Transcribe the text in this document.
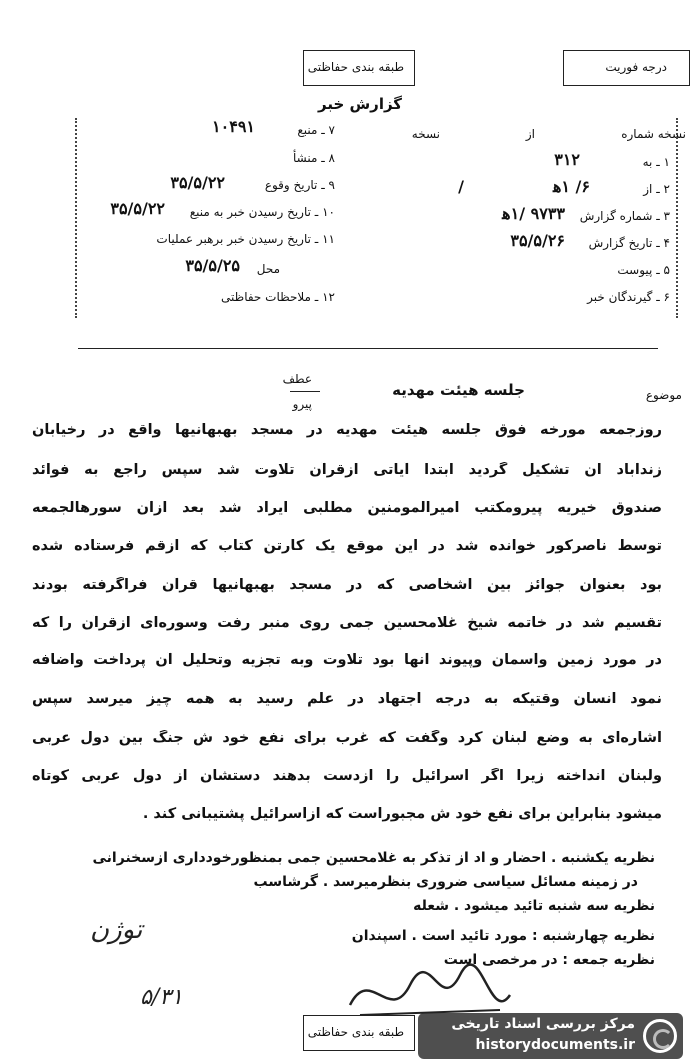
درجه فوریت
طبقه بندی حفاظتی
گزارش خبر
نسخه شماره
از
نسخه
۱ ـ به
۳۱۲
۲ ـ از
۶/ ۱ه‍
/
۳ ـ شماره گزارش
۹۷۳۳ /۱ه‍
۴ ـ تاریخ گزارش
۳۵/۵/۲۶
۵ ـ پیوست
۶ ـ گیرندگان خبر
۷ ـ منبع
۱۰۴۹۱
۸ ـ منشأ
۹ ـ تاریخ وقوع
۳۵/۵/۲۲
۱۰ ـ تاریخ رسیدن خبر به منبع
۳۵/۵/۲۲
۱۱ ـ تاریخ رسیدن خبر برهبر عملیات
محل
۳۵/۵/۲۵
۱۲ ـ ملاحظات حفاظتی
موضوع
جلسه هیئت مهدیه
عطف
پیرو
روزجمعه مورخه فوق جلسه هیئت مهدیه در مسجد بهبهانیها واقع در رخیابان
زندآباد ان تشکیل گردید ابتدا آیاتی ازقرآن تلاوت شد سپس راجع به فوائد
صندوق خیریه پیرومکتب امیرالمومنین مطلبی ایراد شد بعد ازآن سورهالجمعه
توسط ناصرکور خوانده شد در این موقع یک کارتن کتاب که ازقم فرستاده شده
بود بعنوان جوائز بین اشخاصی که در مسجد بهبهانیها قرآن فراگرفته بودند
تقسیم شد در خاتمه شیخ غلامحسین جمی روی منبر رفت وسوره‌ای ازقرآن را که
در مورد زمین وآسمان وپیوند آنها بود تلاوت وبه تجزیه وتحلیل آن پرداخت واضافه
نمود انسان وقتیکه به درجه اجتهاد در علم رسید به همه چیز میرسد سپس
اشاره‌ای به وضع لبنان کرد وگفت که غرب برای نفع خود ش جنگ بین دول عربی
ولبنان انداخته زیرا اگر اسرائیل را ازدست بدهند دستشان از دول عربی کوتاه
میشود بنابراین برای نفع خود ش مجبوراست که ازاسرائیل پشتیبانی کند .
نظریه یکشنبه . احضار و اد از تذکر به غلامحسین جمی بمنظورخودداری ازسخنرانی
در زمینه مسائل سیاسی ضروری بنظرمیرسد . گرشاسب
نظریه سه شنبه تائید میشود . شعله
نظریه چهارشنبه : مورد تائید است . اسپندان
نظریه جمعه : در مرخصی است
تو‌ژن
۵/۳۱
طبقه بندی حفاظتی	مرکز بررسی اسناد تاریخی
historydocuments.ir
